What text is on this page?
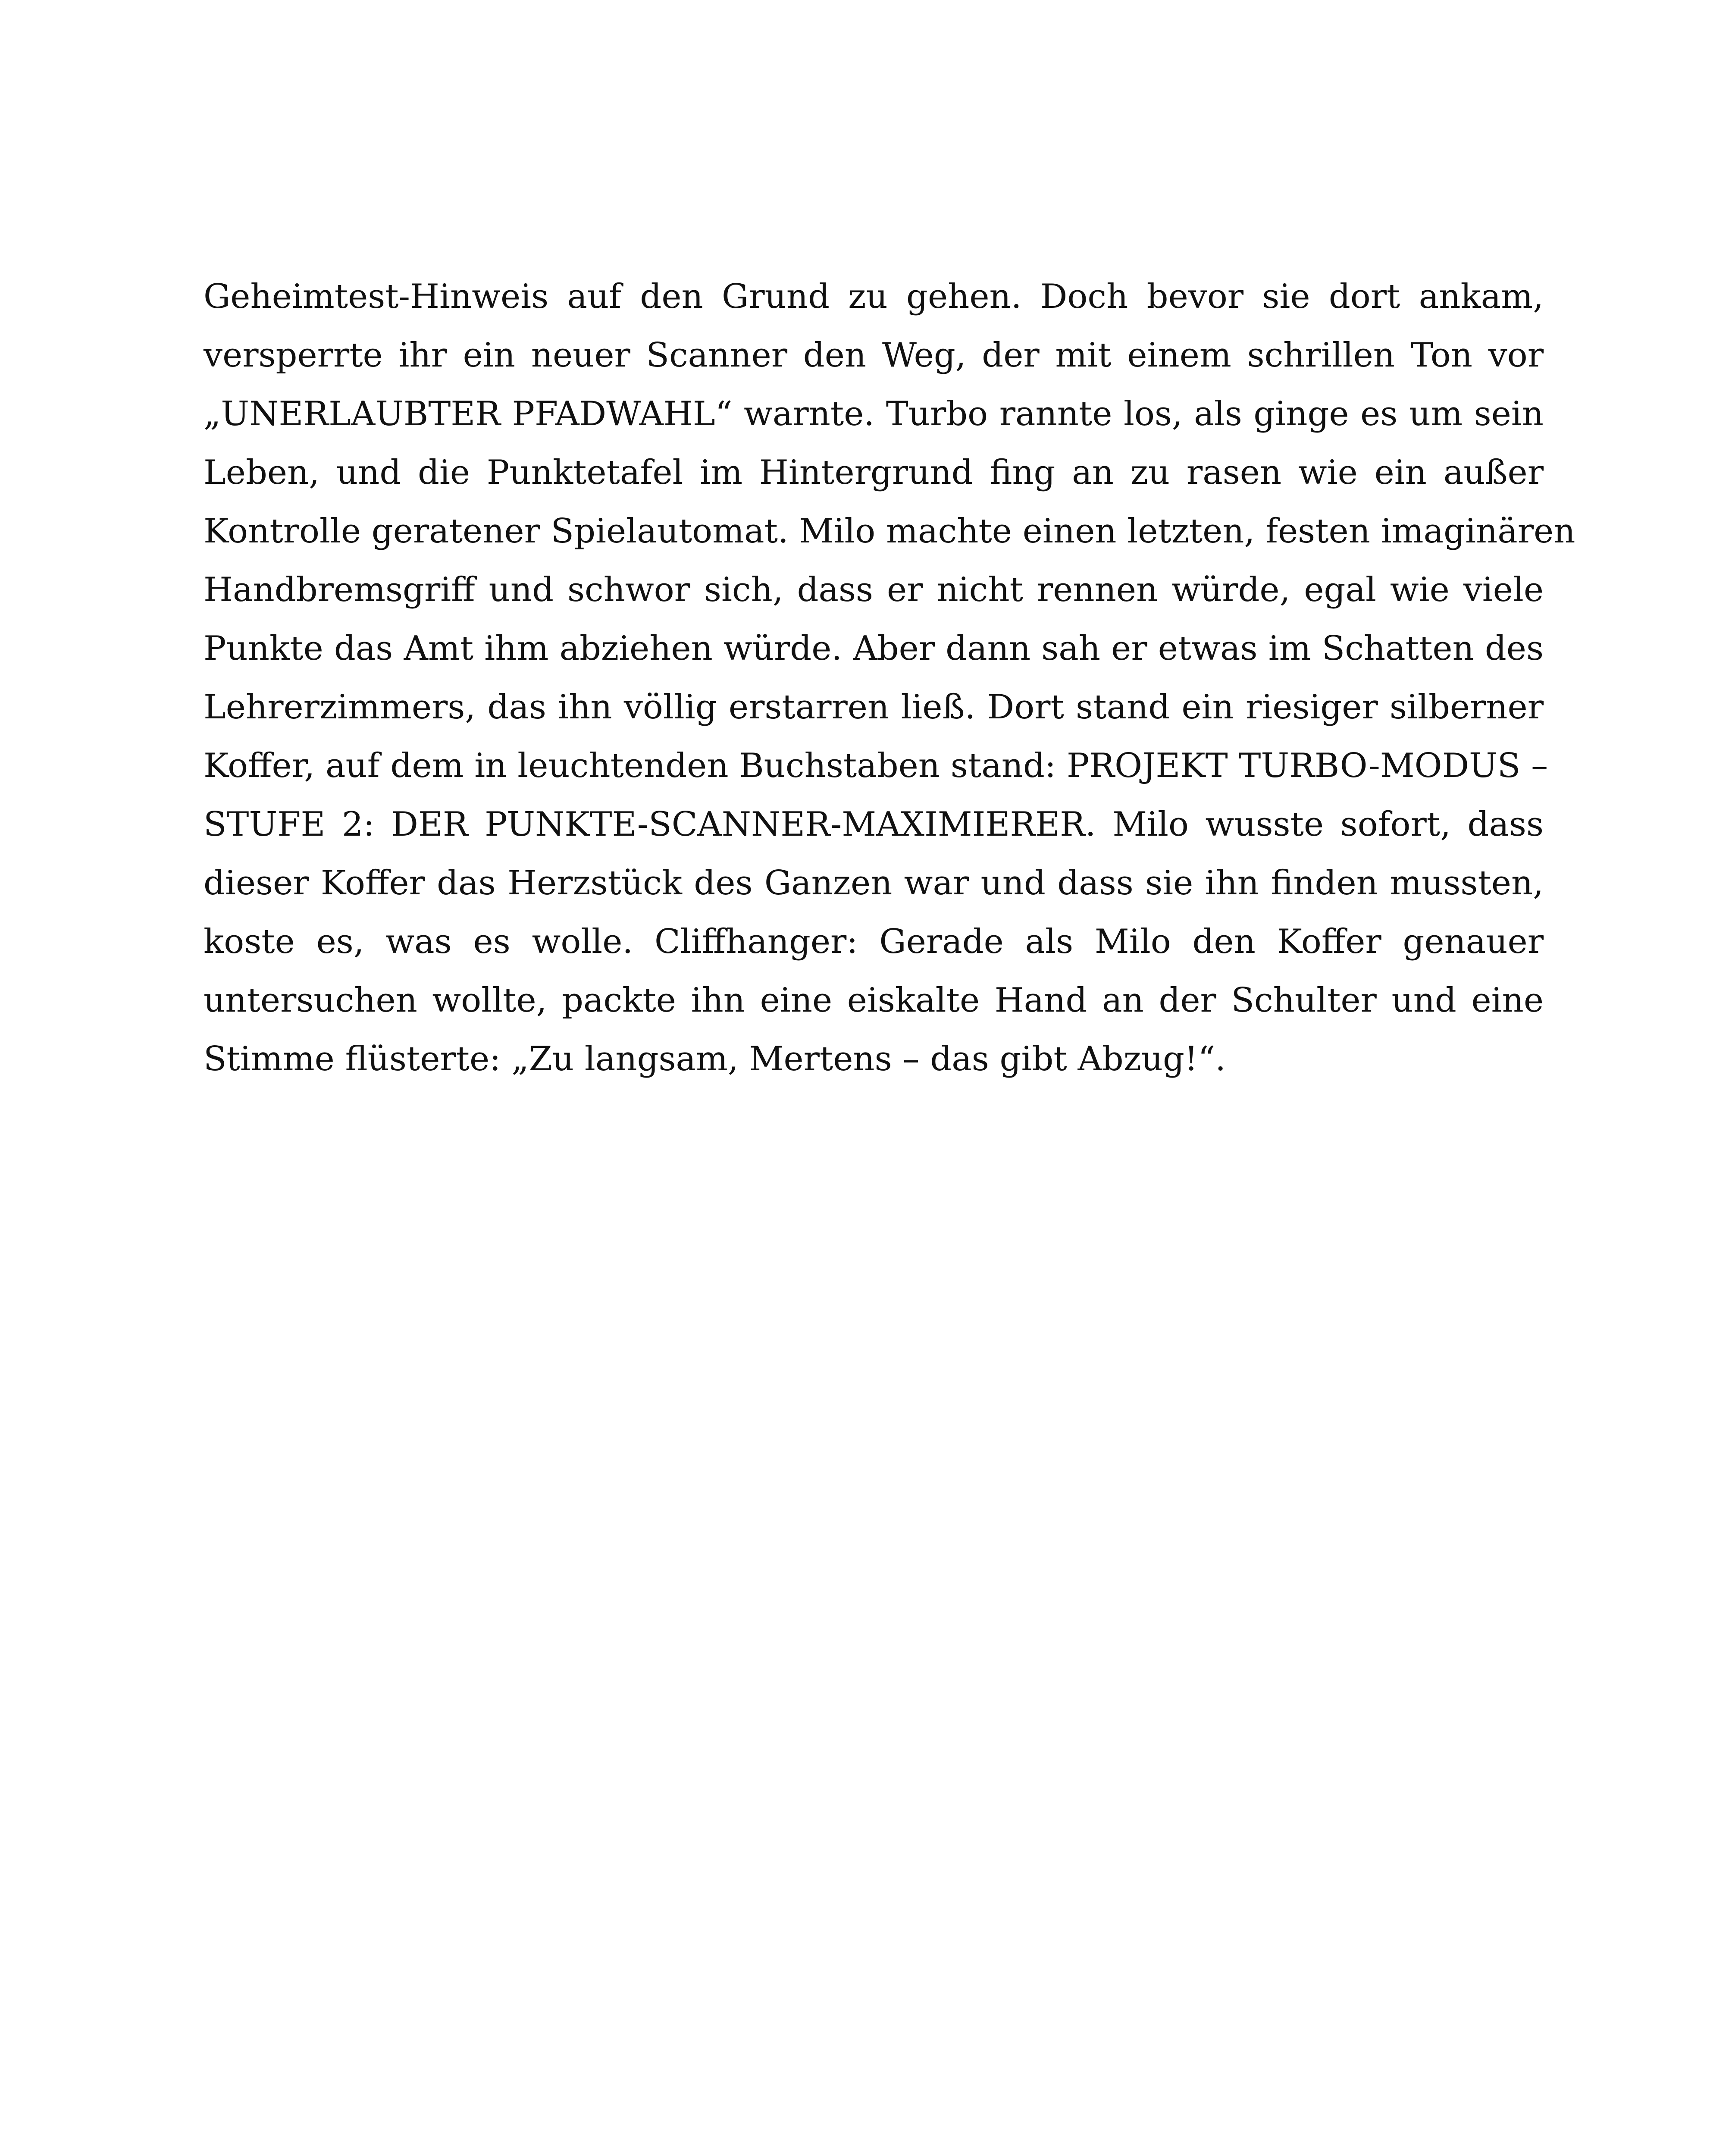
Geheimtest-Hinweis auf den Grund zu gehen. Doch bevor sie dort ankam,
versperrte ihr ein neuer Scanner den Weg, der mit einem schrillen Ton vor
„UNERLAUBTER PFADWAHL“ warnte. Turbo rannte los, als ginge es um sein
Leben, und die Punktetafel im Hintergrund fing an zu rasen wie ein außer
Kontrolle geratener Spielautomat. Milo machte einen letzten, festen imaginären
Handbremsgriff und schwor sich, dass er nicht rennen würde, egal wie viele
Punkte das Amt ihm abziehen würde. Aber dann sah er etwas im Schatten des
Lehrerzimmers, das ihn völlig erstarren ließ. Dort stand ein riesiger silberner
Koffer, auf dem in leuchtenden Buchstaben stand: PROJEKT TURBO-MODUS –
STUFE 2: DER PUNKTE-SCANNER-MAXIMIERER. Milo wusste sofort, dass
dieser Koffer das Herzstück des Ganzen war und dass sie ihn finden mussten,
koste es, was es wolle. Cliffhanger: Gerade als Milo den Koffer genauer
untersuchen wollte, packte ihn eine eiskalte Hand an der Schulter und eine
Stimme flüsterte: „Zu langsam, Mertens – das gibt Abzug!“.
